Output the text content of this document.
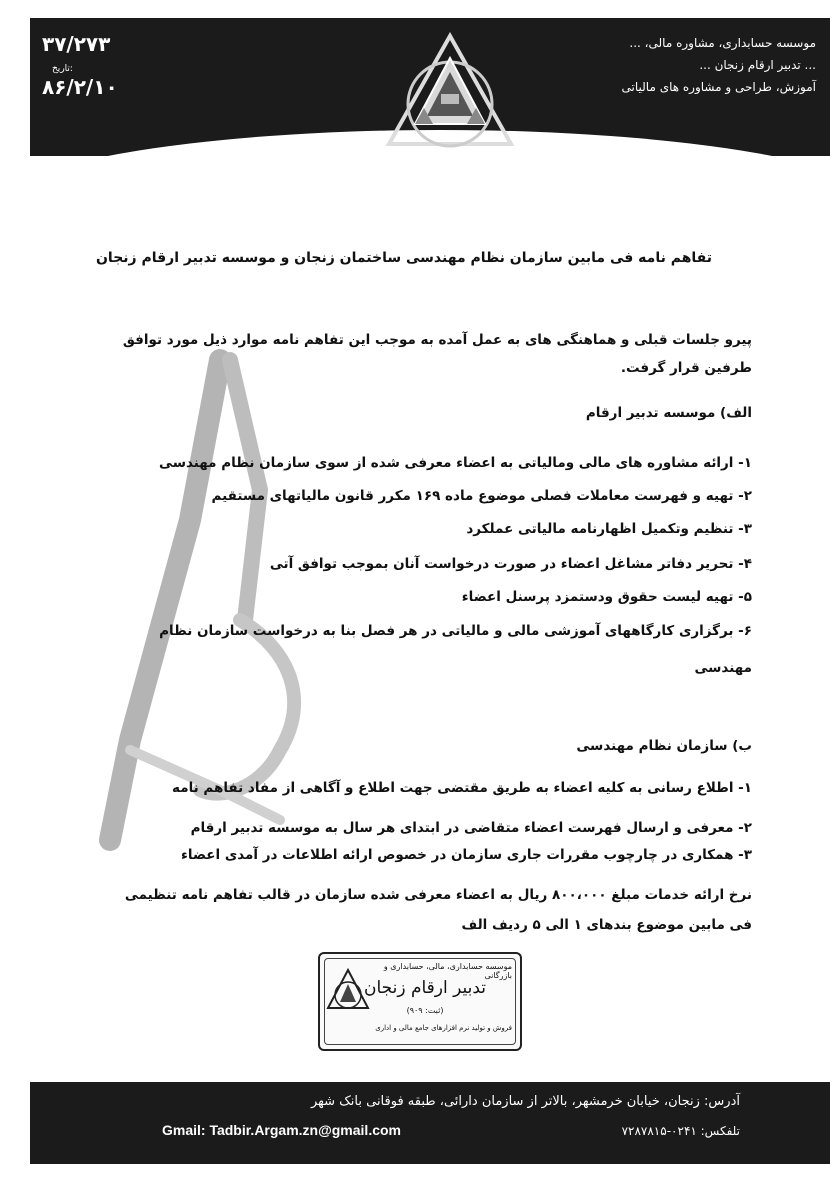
۳۷/۲۷۳
تاریخ:
۸۶/۲/۱۰
موسسه حسابداری، مشاوره مالی، ...
... تدبیر ارقام زنجان ...
آموزش، طراحی و مشاوره های مالیاتی
تفاهم نامه فی مابین سازمان نظام مهندسی ساختمان زنجان و موسسه تدبیر ارقام زنجان
پیرو جلسات قبلی و هماهنگی های به عمل آمده به موجب این تفاهم نامه موارد ذیل مورد توافق
طرفین قرار گرفت.
الف) موسسه تدبیر ارقام
۱- ارائه مشاوره های مالی ومالیاتی به اعضاء معرفی شده از سوی سازمان نظام مهندسی
۲- تهیه و فهرست معاملات فصلی موضوع ماده ۱۶۹ مکرر قانون مالیاتهای مستقیم
۳- تنظیم وتکمیل اظهارنامه مالیاتی عملکرد
۴- تحریر دفاتر مشاغل اعضاء در صورت درخواست آنان بموجب توافق آتی
۵- تهیه لیست حقوق ودستمزد پرسنل اعضاء
۶- برگزاری کارگاههای آموزشی مالی و مالیاتی در هر فصل بنا به درخواست سازمان نظام
مهندسی
ب) سازمان نظام مهندسی
۱- اطلاع رسانی به کلیه اعضاء به طریق مقتضی جهت اطلاع و آگاهی از مفاد تفاهم نامه
۲- معرفی و ارسال فهرست اعضاء متقاضی در ابتدای هر سال به موسسه تدبیر ارقام
۳- همکاری در چارچوب مقررات جاری سازمان در خصوص ارائه اطلاعات در آمدی اعضاء
نرخ ارائه خدمات مبلغ ۸۰۰،۰۰۰ ریال به اعضاء معرفی شده سازمان در قالب تفاهم نامه تنظیمی
فی مابین موضوع بندهای ۱ الی ۵ ردیف الف
موسسه حسابداری، مالی، حسابداری و بازرگانی
تدبیر ارقام زنجان
(ثبت: ۹۰۹)
فروش و تولید نرم افزارهای جامع مالی و اداری
آدرس: زنجان، خیابان خرمشهر، بالاتر از سازمان دارائی، طبقه فوقانی بانک شهر
تلفکس: ۰۲۴۱-۷۲۸۷۸۱۵
Gmail: Tadbir.Argam.zn@gmail.com
